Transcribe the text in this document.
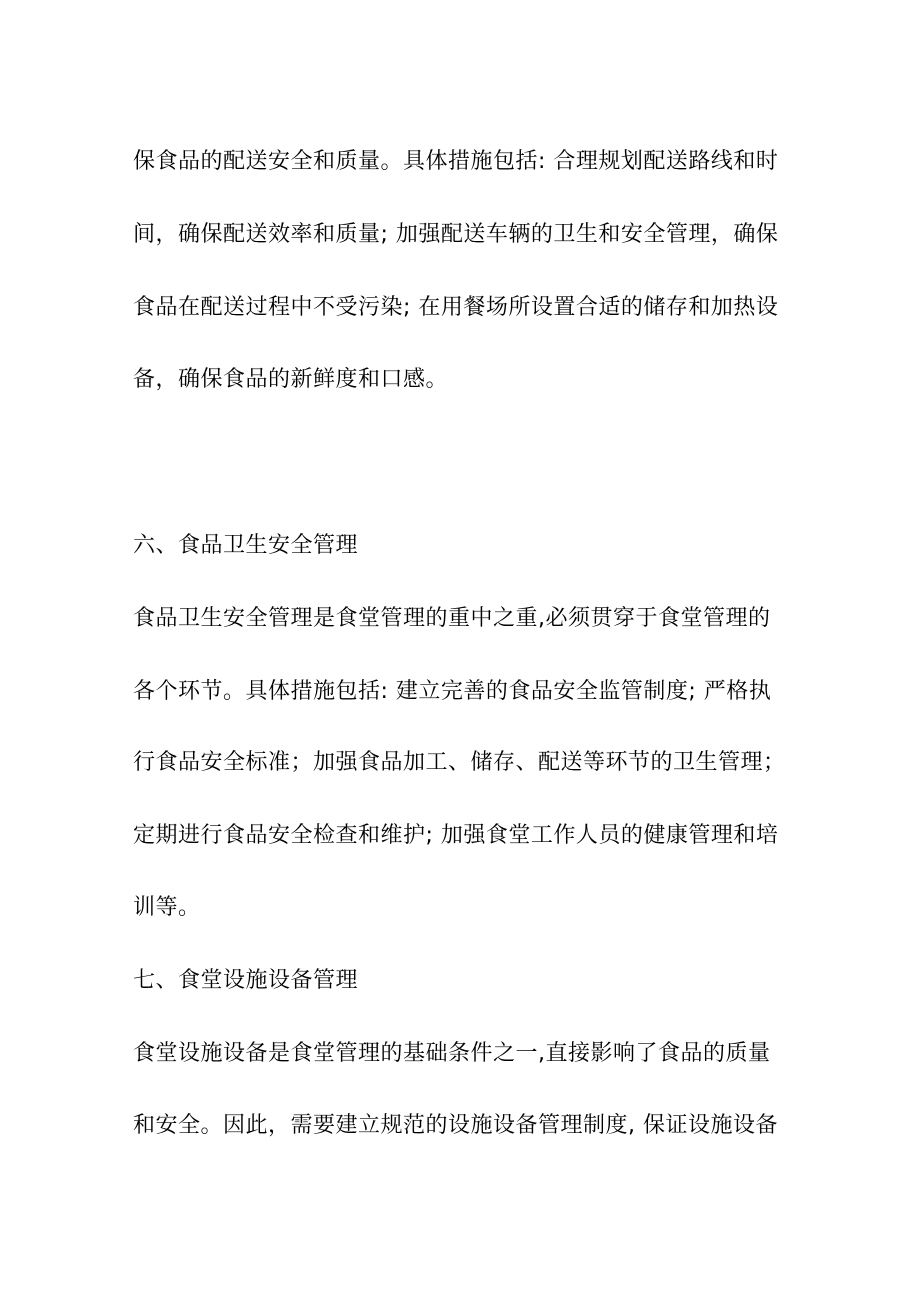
保食品的配送安全和质量。具体措施包括: 合理规划配送路线和时
间，确保配送效率和质量; 加强配送车辆的卫生和安全管理，确保
食品在配送过程中不受污染; 在用餐场所设置合适的储存和加热设
备，确保食品的新鲜度和口感。
六、食品卫生安全管理
食品卫生安全管理是食堂管理的重中之重,必须贯穿于食堂管理的
各个环节。具体措施包括: 建立完善的食品安全监管制度; 严格执
行食品安全标准；加强食品加工、储存、配送等环节的卫生管理；
定期进行食品安全检查和维护; 加强食堂工作人员的健康管理和培
训等。
七、食堂设施设备管理
食堂设施设备是食堂管理的基础条件之一,直接影响了食品的质量
和安全。因此，需要建立规范的设施设备管理制度, 保证设施设备
